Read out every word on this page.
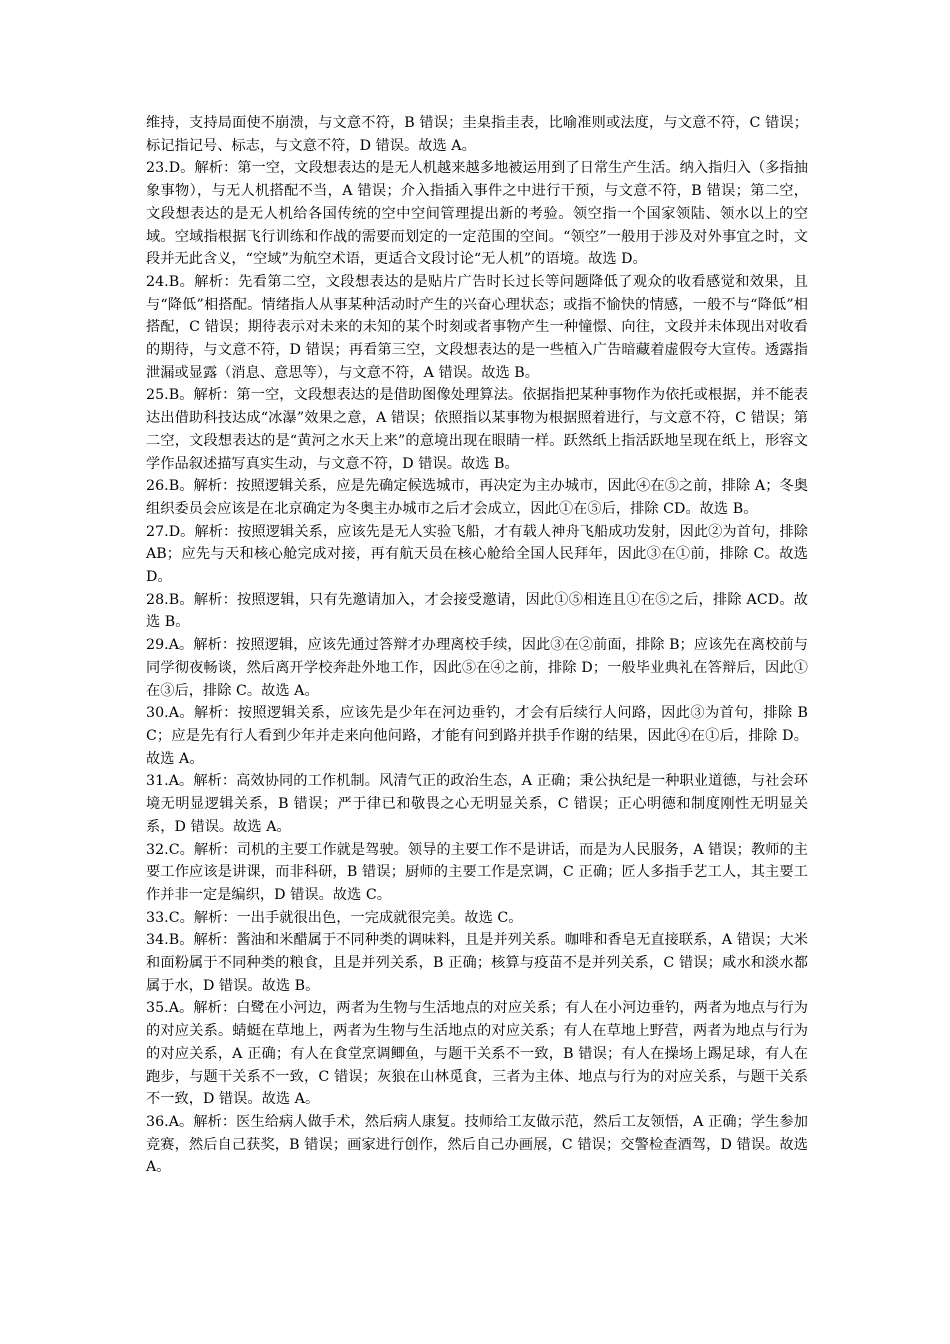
维持，支持局面使不崩溃，与文意不符，B 错误；圭臬指圭表，比喻准则或法度，与文意不符，C 错误；标记指记号、标志，与文意不符，D 错误。故选 A。

23.D。解析：第一空，文段想表达的是无人机越来越多地被运用到了日常生产生活。纳入指归入（多指抽象事物），与无人机搭配不当，A 错误；介入指插入事件之中进行干预，与文意不符，B 错误；第二空，文段想表达的是无人机给各国传统的空中空间管理提出新的考验。领空指一个国家领陆、领水以上的空域。空域指根据飞行训练和作战的需要而划定的一定范围的空间。“领空”一般用于涉及对外事宜之时，文段并无此含义，“空域”为航空术语，更适合文段讨论“无人机”的语境。故选 D。

24.B。解析：先看第二空，文段想表达的是贴片广告时长过长等问题降低了观众的收看感觉和效果，且与“降低”相搭配。情绪指人从事某种活动时产生的兴奋心理状态；或指不愉快的情感，一般不与“降低”相搭配，C 错误；期待表示对未来的未知的某个时刻或者事物产生一种憧憬、向往，文段并未体现出对收看的期待，与文意不符，D 错误；再看第三空，文段想表达的是一些植入广告暗藏着虚假夸大宣传。透露指泄漏或显露（消息、意思等），与文意不符，A 错误。故选 B。

25.B。解析：第一空，文段想表达的是借助图像处理算法。依据指把某种事物作为依托或根据，并不能表达出借助科技达成“冰瀑”效果之意，A 错误；依照指以某事物为根据照着进行，与文意不符，C 错误；第二空，文段想表达的是“黄河之水天上来”的意境出现在眼睛一样。跃然纸上指活跃地呈现在纸上，形容文学作品叙述描写真实生动，与文意不符，D 错误。故选 B。

26.B。解析：按照逻辑关系，应是先确定候选城市，再决定为主办城市，因此④在⑤之前，排除 A；冬奥组织委员会应该是在北京确定为冬奥主办城市之后才会成立，因此①在⑤后，排除 CD。故选 B。

27.D。解析：按照逻辑关系，应该先是无人实验飞船，才有载人神舟飞船成功发射，因此②为首句，排除 AB；应先与天和核心舱完成对接，再有航天员在核心舱给全国人民拜年，因此③在①前，排除 C。故选 D。

28.B。解析：按照逻辑，只有先邀请加入，才会接受邀请，因此①⑤相连且①在⑤之后，排除 ACD。故选 B。

29.A。解析：按照逻辑，应该先通过答辩才办理离校手续，因此③在②前面，排除 B；应该先在离校前与同学彻夜畅谈，然后离开学校奔赴外地工作，因此⑤在④之前，排除 D；一般毕业典礼在答辩后，因此①在③后，排除 C。故选 A。

30.A。解析：按照逻辑关系，应该先是少年在河边垂钓，才会有后续行人问路，因此③为首句，排除 BC；应是先有行人看到少年并走来向他问路，才能有问到路并拱手作谢的结果，因此④在①后，排除 D。故选 A。

31.A。解析：高效协同的工作机制。风清气正的政治生态，A 正确；秉公执纪是一种职业道德，与社会环境无明显逻辑关系，B 错误；严于律已和敬畏之心无明显关系，C 错误；正心明德和制度刚性无明显关系，D 错误。故选 A。

32.C。解析：司机的主要工作就是驾驶。领导的主要工作不是讲话，而是为人民服务，A 错误；教师的主要工作应该是讲课，而非科研，B 错误；厨师的主要工作是烹调，C 正确；匠人多指手艺工人，其主要工作并非一定是编织，D 错误。故选 C。

33.C。解析：一出手就很出色，一完成就很完美。故选 C。

34.B。解析：酱油和米醋属于不同种类的调味料，且是并列关系。咖啡和香皂无直接联系，A 错误；大米和面粉属于不同种类的粮食，且是并列关系，B 正确；核算与疫苗不是并列关系，C 错误；咸水和淡水都属于水，D 错误。故选 B。

35.A。解析：白鹭在小河边，两者为生物与生活地点的对应关系；有人在小河边垂钓，两者为地点与行为的对应关系。蜻蜓在草地上，两者为生物与生活地点的对应关系；有人在草地上野营，两者为地点与行为的对应关系，A 正确；有人在食堂烹调鲫鱼，与题干关系不一致，B 错误；有人在操场上踢足球，有人在跑步，与题干关系不一致，C 错误；灰狼在山林觅食，三者为主体、地点与行为的对应关系，与题干关系不一致，D 错误。故选 A。

36.A。解析：医生给病人做手术，然后病人康复。技师给工友做示范，然后工友领悟，A 正确；学生参加竞赛，然后自己获奖，B 错误；画家进行创作，然后自己办画展，C 错误；交警检查酒驾，D 错误。故选 A。
